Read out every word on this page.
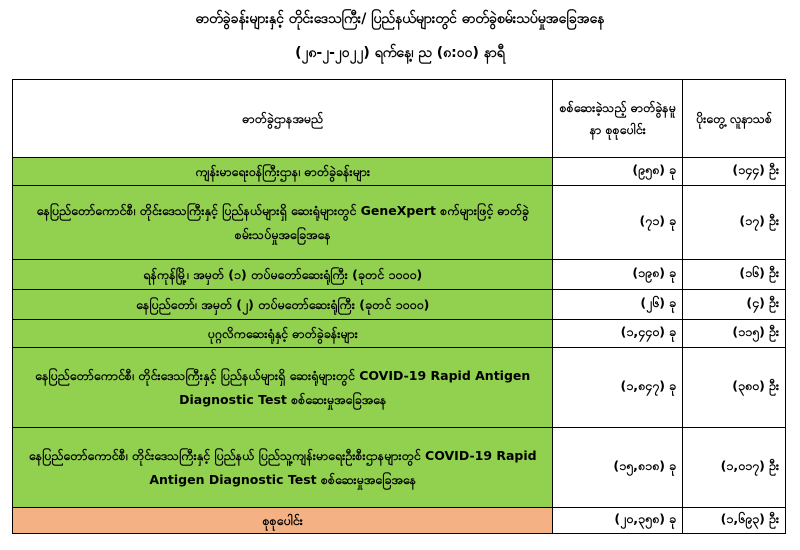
ဓာတ်ခွဲခန်းများနှင့် တိုင်းဒေသကြီး/ ပြည်နယ်များတွင် ဓာတ်ခွဲစမ်းသပ်မှုအခြေအနေ
(၂၈-၂-၂၀၂၂) ရက်နေ့၊ ည (၈:၀၀) နာရီ
ဓာတ်ခွဲဌာနအမည်	စစ်ဆေးခဲ့သည့် ဓာတ်ခွဲနမူနာ စုစုပေါင်း	ပိုးတွေ့ လူနာသစ်
ကျန်းမာရေးဝန်ကြီးဌာန၊ ဓာတ်ခွဲခန်းများ	(၉၅၈) ခု	(၁၄၄) ဦး
နေပြည်တော်ကောင်စီ၊ တိုင်းဒေသကြီးနှင့် ပြည်နယ်များရှိ ဆေးရုံများတွင် GeneXpert စက်များဖြင့် ဓာတ်ခွဲစမ်းသပ်မှုအခြေအနေ	(၇၁) ခု	(၁၇) ဦး
ရန်ကုန်မြို့၊ အမှတ် (၁) တပ်မတော်ဆေးရုံကြီး (ခုတင် ၁၀၀၀)	(၁၉၈) ခု	(၁၆) ဦး
နေပြည်တော်၊ အမှတ် (၂) တပ်မတော်ဆေးရုံကြီး (ခုတင် ၁၀၀၀)	(၂၆) ခု	(၄) ဦး
ပုဂ္ဂလိကဆေးရုံနှင့် ဓာတ်ခွဲခန်းများ	(၁,၄၄၀) ခု	(၁၁၅) ဦး
နေပြည်တော်ကောင်စီ၊ တိုင်းဒေသကြီးနှင့် ပြည်နယ်များရှိ ဆေးရုံများတွင် COVID-19 Rapid Antigen Diagnostic Test စစ်ဆေးမှုအခြေအနေ	(၁,၈၄၇) ခု	(၃၈၀) ဦး
နေပြည်တော်ကောင်စီ၊ တိုင်းဒေသကြီးနှင့် ပြည်နယ် ပြည်သူ့ကျန်းမာရေးဦးစီးဌာနများတွင် COVID-19 Rapid Antigen Diagnostic Test စစ်ဆေးမှုအခြေအနေ	(၁၅,၈၁၈) ခု	(၁,၀၁၇) ဦး
စုစုပေါင်း	(၂၀,၃၅၈) ခု	(၁,၆၉၃) ဦး
